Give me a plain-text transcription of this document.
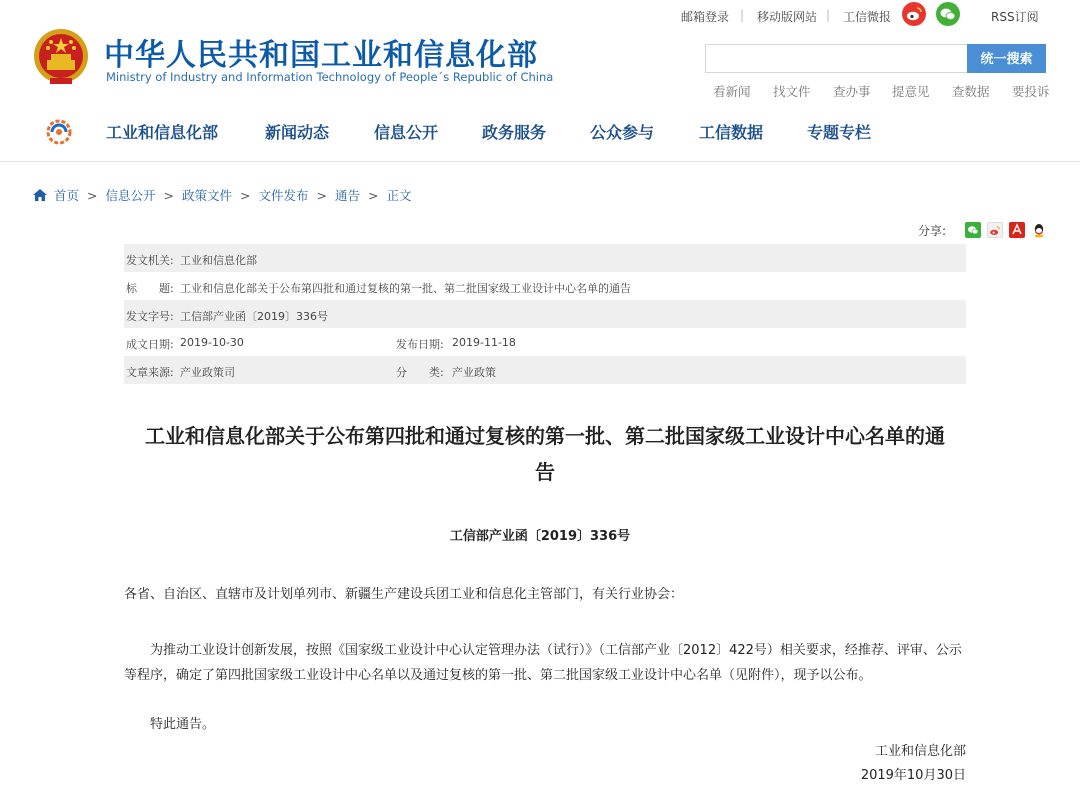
邮箱登录 | 移动版网站 | 工信微报	RSS订阅
中华人民共和国工业和信息化部
Ministry of Industry and Information Technology of People´s Republic of China
统一搜索
看新闻 找文件 查办事 提意见 查数据 要投诉
工业和信息化部	新闻动态	信息公开	政务服务	公众参与	工信数据	专题专栏
首页 > 信息公开 > 政策文件 > 文件发布 > 通告 > 正文
分享:
发文机关: 工业和信息化部
标　　题: 工业和信息化部关于公布第四批和通过复核的第一批、第二批国家级工业设计中心名单的通告
发文字号: 工信部产业函〔2019〕336号
成文日期: 2019-10-30	发布日期: 2019-11-18
文章来源: 产业政策司	分　　类: 产业政策
工业和信息化部关于公布第四批和通过复核的第一批、第二批国家级工业设计中心名单的通告
工信部产业函〔2019〕336号
各省、自治区、直辖市及计划单列市、新疆生产建设兵团工业和信息化主管部门，有关行业协会：
为推动工业设计创新发展，按照《国家级工业设计中心认定管理办法（试行）》（工信部产业〔2012〕422号）相关要求，经推荐、评审、公示等程序，确定了第四批国家级工业设计中心名单以及通过复核的第一批、第二批国家级工业设计中心名单（见附件），现予以公布。
特此通告。
工业和信息化部
2019年10月30日
